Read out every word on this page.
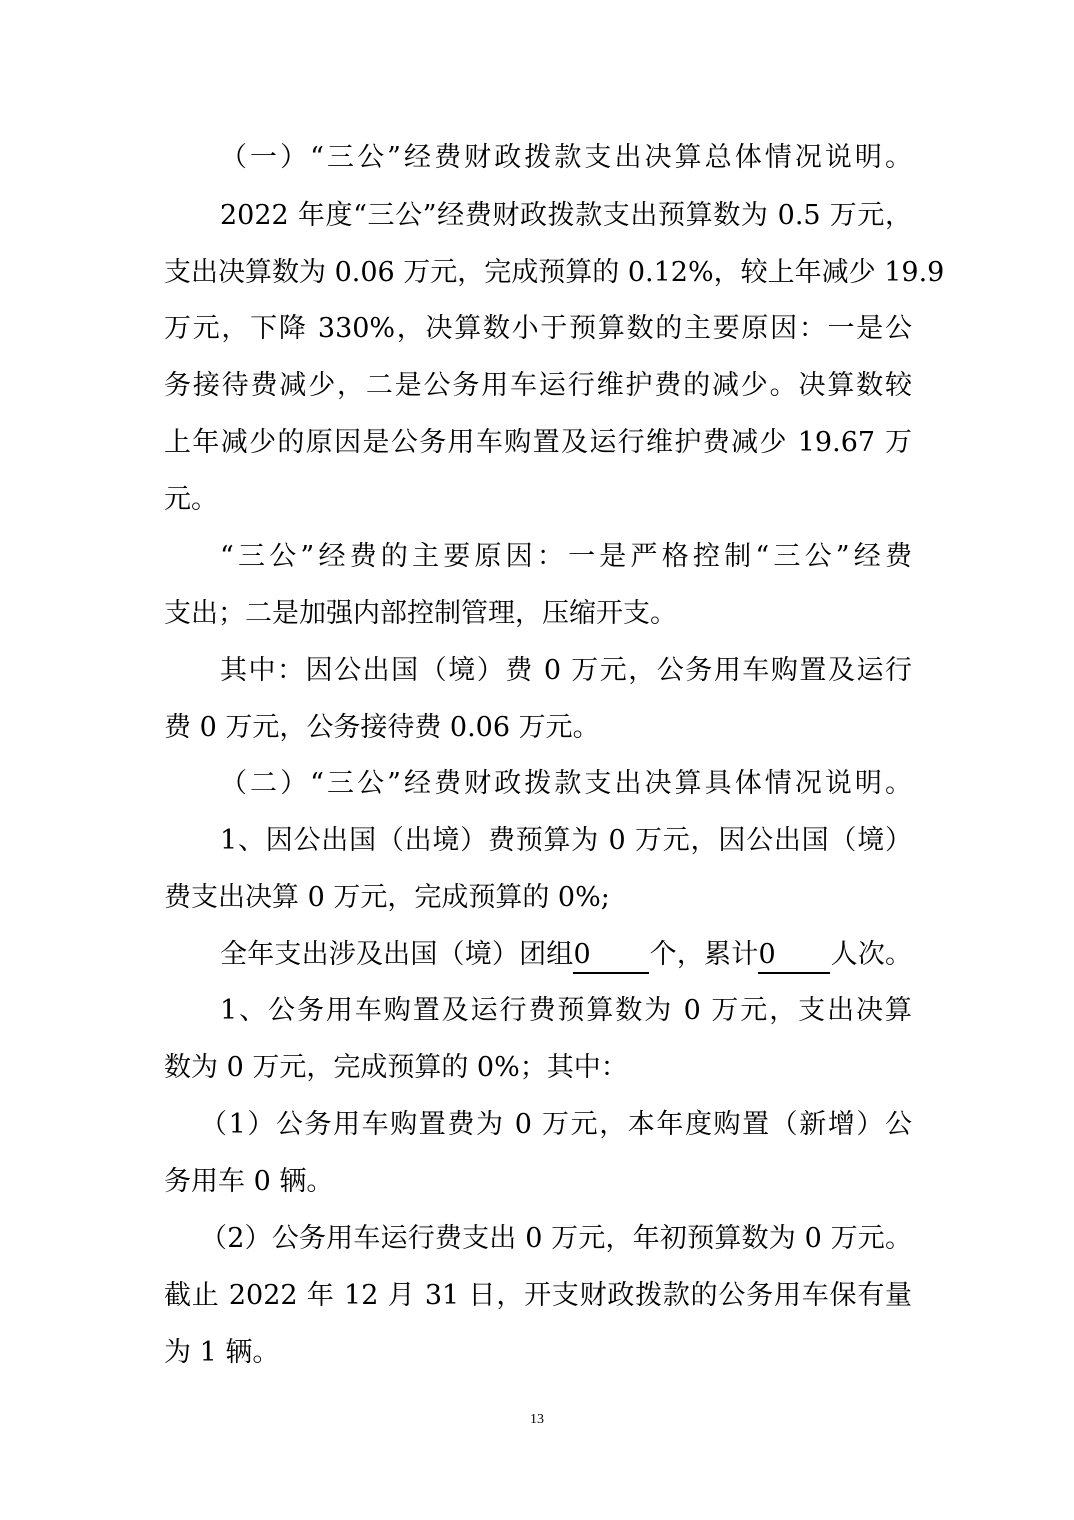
（一）“三公”经费财政拨款支出决算总体情况说明。
2022 年度“三公”经费财政拨款支出预算数为 0.5 万元，
支出决算数为 0.06 万元，完成预算的 0.12%，较上年减少 19.9
万元，下降 330%，决算数小于预算数的主要原因：一是公
务接待费减少，二是公务用车运行维护费的减少。决算数较
上年减少的原因是公务用车购置及运行维护费减少 19.67 万
元。
“三公”经费的主要原因：一是严格控制“三公”经费
支出；二是加强内部控制管理，压缩开支。
其中：因公出国（境）费 0 万元，公务用车购置及运行
费 0 万元，公务接待费 0.06 万元。
（二）“三公”经费财政拨款支出决算具体情况说明。
1、因公出国（出境）费预算为 0 万元，因公出国（境）
费支出决算 0 万元，完成预算的 0%;
全年支出涉及出国（境）团组0 个，累计0 人次。
1、公务用车购置及运行费预算数为 0 万元，支出决算
数为 0 万元，完成预算的 0%；其中：
（1）公务用车购置费为 0 万元，本年度购置（新增）公
务用车 0 辆。
（2）公务用车运行费支出 0 万元，年初预算数为 0 万元。
截止 2022 年 12 月 31 日，开支财政拨款的公务用车保有量
为 1 辆。
13
